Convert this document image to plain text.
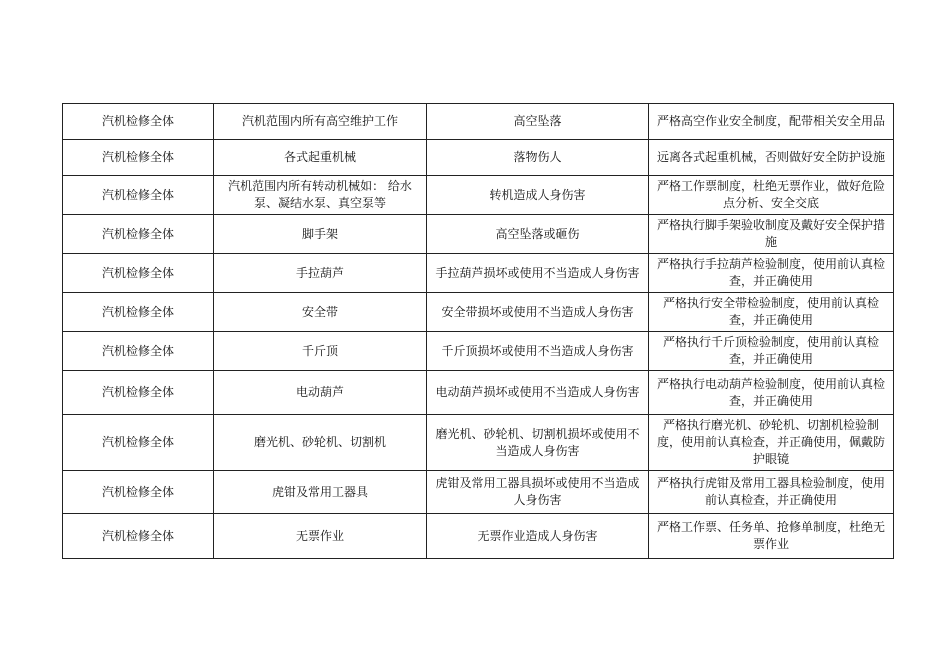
汽机检修全体	汽机范围内所有高空维护工作	高空坠落	严格高空作业安全制度，配带相关安全用品
汽机检修全体	各式起重机械	落物伤人	远离各式起重机械，否则做好安全防护设施
汽机检修全体	汽机范围内所有转动机械如： 给水泵、凝结水泵、真空泵等	转机造成人身伤害	严格工作票制度，杜绝无票作业，做好危险点分析、安全交底
汽机检修全体	脚手架	高空坠落或砸伤	严格执行脚手架验收制度及戴好安全保护措施
汽机检修全体	手拉葫芦	手拉葫芦损坏或使用不当造成人身伤害	严格执行手拉葫芦检验制度，使用前认真检查，并正确使用
汽机检修全体	安全带	安全带损坏或使用不当造成人身伤害	严格执行安全带检验制度，使用前认真检查，并正确使用
汽机检修全体	千斤顶	千斤顶损坏或使用不当造成人身伤害	严格执行千斤顶检验制度，使用前认真检查，并正确使用
汽机检修全体	电动葫芦	电动葫芦损坏或使用不当造成人身伤害	严格执行电动葫芦检验制度，使用前认真检查，并正确使用
汽机检修全体	磨光机、砂轮机、切割机	磨光机、砂轮机、切割机损坏或使用不当造成人身伤害	严格执行磨光机、砂轮机、切割机检验制度，使用前认真检查，并正确使用，佩戴防护眼镜
汽机检修全体	虎钳及常用工器具	虎钳及常用工器具损坏或使用不当造成人身伤害	严格执行虎钳及常用工器具检验制度，使用前认真检查，并正确使用
汽机检修全体	无票作业	无票作业造成人身伤害	严格工作票、任务单、抢修单制度，杜绝无票作业
